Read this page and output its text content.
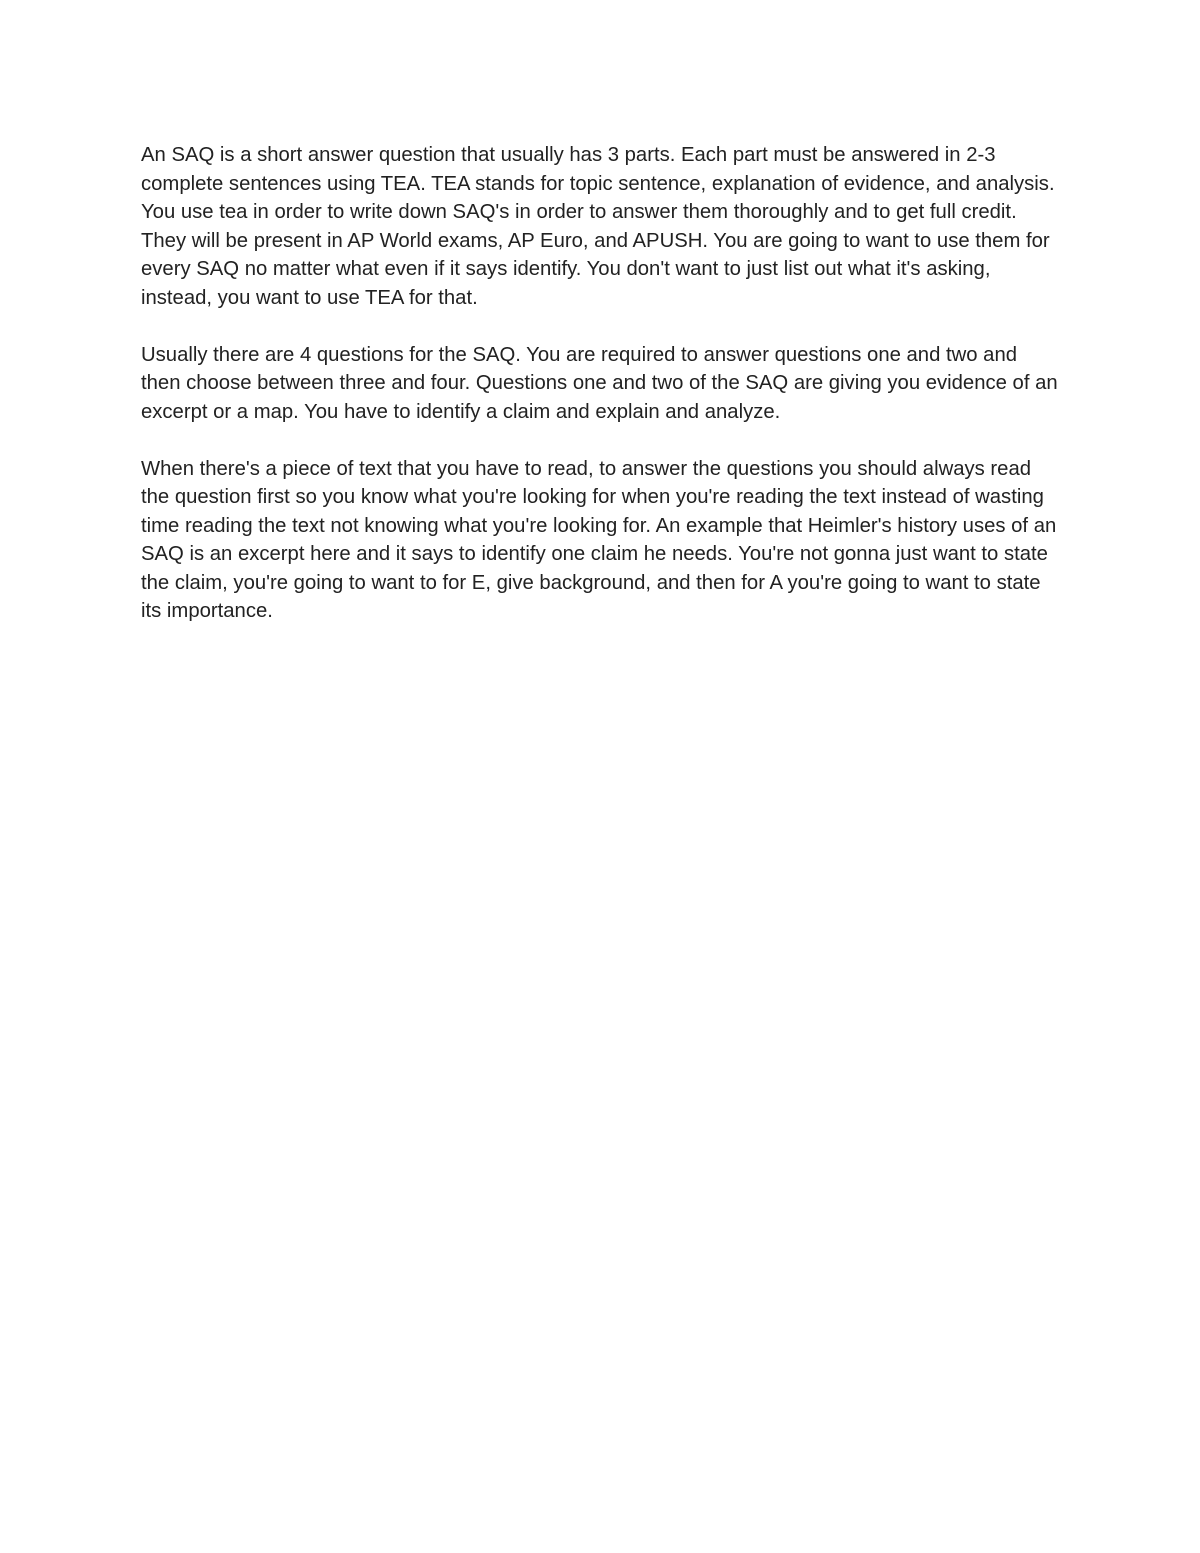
An SAQ is a short answer question that usually has 3 parts. Each part must be answered in 2-3 complete sentences using TEA. TEA stands for topic sentence, explanation of evidence, and analysis. You use tea in order to write down SAQ's in order to answer them thoroughly and to get full credit. They will be present in AP World exams, AP Euro, and APUSH. You are going to want to use them for every SAQ no matter what even if it says identify. You don't want to just list out what it's asking, instead, you want to use TEA for that.

Usually there are 4 questions for the SAQ. You are required to answer questions one and two and then choose between three and four. Questions one and two of the SAQ are giving you evidence of an excerpt or a map. You have to identify a claim and explain and analyze.

When there's a piece of text that you have to read, to answer the questions you should always read the question first so you know what you're looking for when you're reading the text instead of wasting time reading the text not knowing what you're looking for. An example that Heimler's history uses of an SAQ is an excerpt here and it says to identify one claim he needs. You're not gonna just want to state the claim, you're going to want to for E, give background, and then for A you're going to want to state its importance.
